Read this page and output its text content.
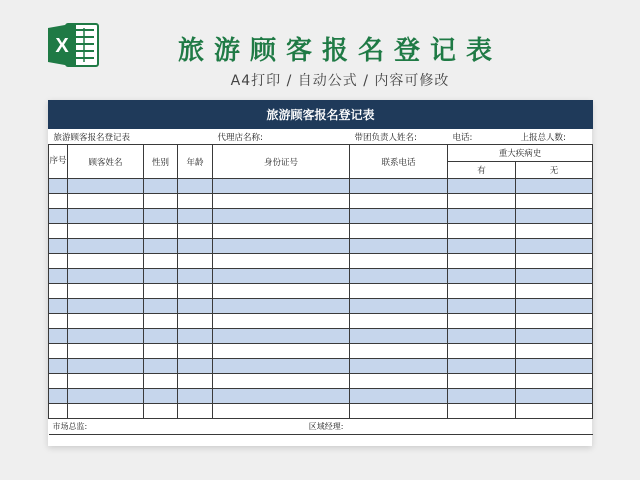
X	旅游顾客报名登记表
A4打印 / 自动公式 / 内容可修改
旅游顾客报名登记表							
旅游顾客报名登记表				代理店名称:	带团负责人姓名:	电话:	上报总人数:
序号	顾客姓名	性别	年龄	身份证号	联系电话	重大疾病史	
						有	无

市场总监:				区域经理:			
